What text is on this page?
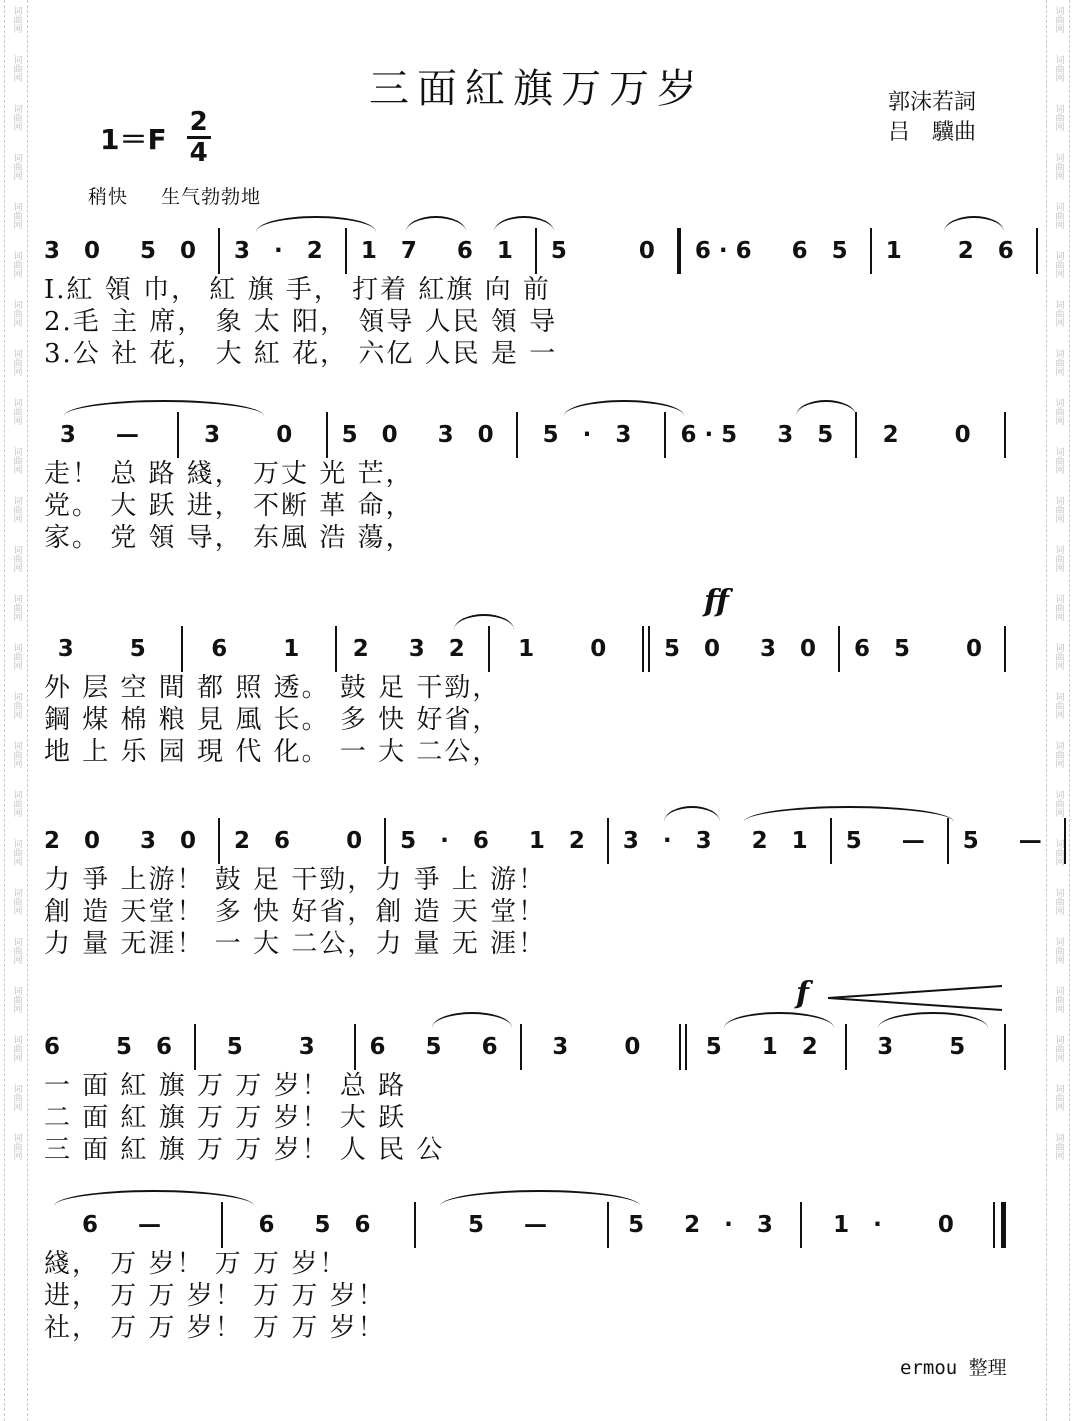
词曲网
词曲网
词曲网
词曲网
词曲网
词曲网
词曲网
词曲网
词曲网
词曲网
词曲网
词曲网
词曲网
词曲网
词曲网
词曲网
词曲网
词曲网
词曲网
词曲网
词曲网
词曲网
词曲网
词曲网
词曲网
词曲网
词曲网
词曲网
词曲网
词曲网
词曲网
词曲网
词曲网
词曲网
词曲网
词曲网
词曲网
词曲网
词曲网
词曲网
词曲网
词曲网
词曲网
词曲网
词曲网
词曲网
词曲网
词曲网
三面紅旗万万岁
1＝F
2
4
郭沫若詞
吕　驥曲
稍快 生气勃勃地
3 0  5 0 3 · 2 1 7  6 1 5    0 6·6  6 5 1   2 6
I.紅 領 巾， 紅 旗 手， 打着 紅旗 向 前
2.毛 主 席， 象 太 阳， 領导 人民 領 导
3.公 社 花， 大 紅 花， 六亿 人民 是 一
3  —	3   0	5 0  3 0	5 · 3	6·5  3 5	2   0
走！ 总 路 綫， 万丈 光 芒，
党。 大 跃 进， 不断 革 命，
家。 党 領 导， 东風 浩 蕩，
ff
3   5	6   1	2  3 2	1   0	5 0  3 0 6 5   0
外 层 空 間 都 照 透。 鼓 足 干勁，
鋼 煤 棉 粮 見 風 长。 多 快 好省，
地 上 乐 园 現 代 化。 一 大 二公，
2 0  3 0 2 6   0 5 · 6  1 2 3 · 3  2 1 5  — 5  —
力 爭 上游！ 鼓 足 干勁，力 爭 上 游！
創 造 天堂！ 多 快 好省，創 造 天 堂！
力 量 无涯！ 一 大 二公，力 量 无 涯！
f
6   5 6	5   3	6  5  6	3   0	5  1 2	3   5
一 面 紅 旗 万 万 岁！ 总 路
二 面 紅 旗 万 万 岁！ 大 跃
三 面 紅 旗 万 万 岁！ 人 民 公
6  —	6  5 6	5  —	5  2 · 3	1 ·   0
綫， 万 岁！ 万 万 岁！
进， 万 万 岁！ 万 万 岁！
社， 万 万 岁！ 万 万 岁！
ermou 整理
